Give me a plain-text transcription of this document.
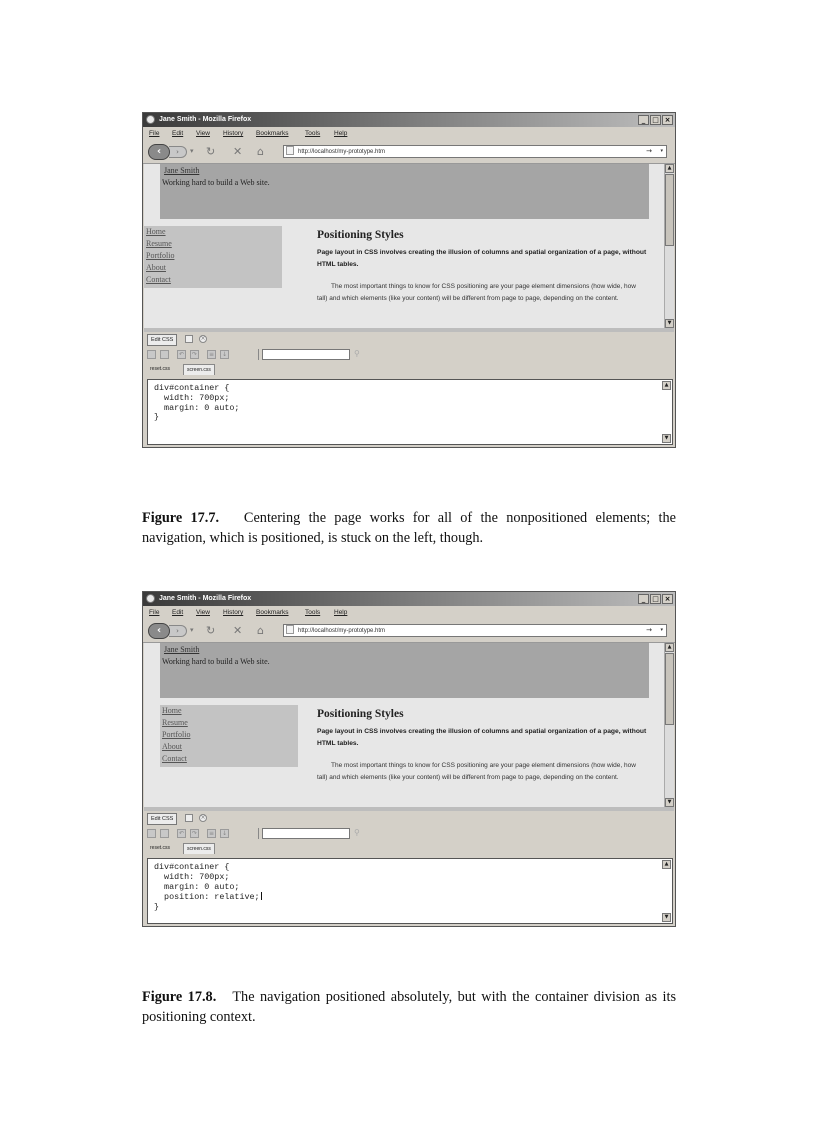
Jane Smith - Mozilla Firefox	_ □ ×
File Edit View History Bookmarks	Tools Help
›
‹	▾ ↻ ✕ ⌂	http://localhost/my-prototype.htm	→ ▾
Jane Smith
Working hard to build a Web site.
Home
Resume
Portfolio
About
Contact
Positioning Styles
Page layout in CSS involves creating the illusion of columns and spatial organization of a page, without HTML tables.
The most important things to know for CSS positioning are your page element dimensions (how wide, how tall) and which elements (like your content) will be different from page to page, depending on the content.
▲
▼
Edit CSS	×
↶	↷	≡	↓	⚲
reset.css	screen.css
div#container {
width: 700px;
margin: 0 auto;
}
▲
▼

Figure 17.7. Centering the page works for all of the nonpositioned elements; the navigation, which is positioned, is stuck on the left, though.

Jane Smith - Mozilla Firefox	_ □ ×
File Edit View History Bookmarks	Tools Help
›
‹	▾ ↻ ✕ ⌂	http://localhost/my-prototype.htm	→ ▾
Jane Smith
Working hard to build a Web site.
Home
Resume
Portfolio
About
Contact
Positioning Styles
Page layout in CSS involves creating the illusion of columns and spatial organization of a page, without HTML tables.
The most important things to know for CSS positioning are your page element dimensions (how wide, how tall) and which elements (like your content) will be different from page to page, depending on the content.
▲
▼
Edit CSS	×
↶	↷	≡	↓	⚲
reset.css	screen.css
div#container {
width: 700px;
margin: 0 auto;
position: relative;
}
▲
▼

Figure 17.8. The navigation positioned absolutely, but with the container division as its positioning context.
